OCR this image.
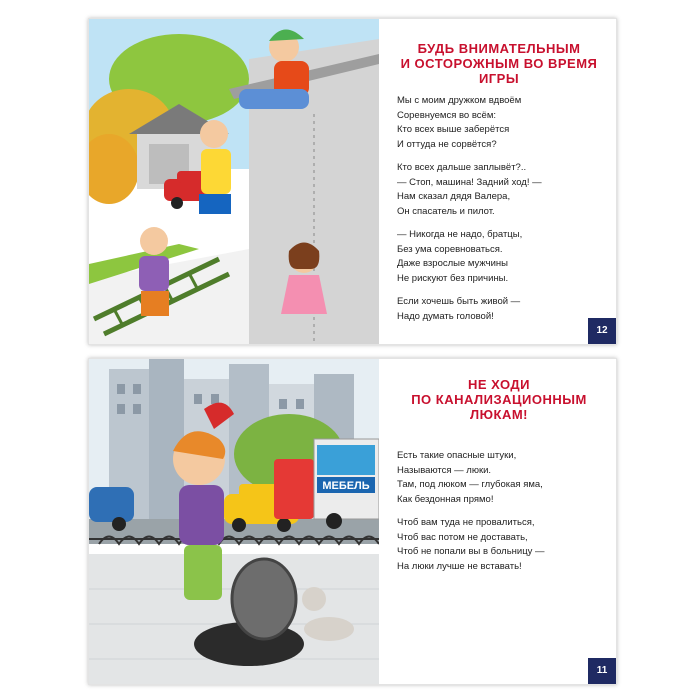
БУДЬ ВНИМАТЕЛЬНЫМ
И ОСТОРОЖНЫМ ВО ВРЕМЯ
ИГРЫ
Мы с моим дружком вдвоём
Соревнуемся во всём:
Кто всех выше заберётся
И оттуда не сорвётся?
Кто всех дальше заплывёт?..
— Стоп, машина! Задний ход! —
Нам сказал дядя Валера,
Он спасатель и пилот.
— Никогда не надо, братцы,
Без ума соревноваться.
Даже взрослые мужчины
Не рискуют без причины.
Если хочешь быть живой —
Надо думать головой!
12
МЕБЕЛЬ
НЕ ХОДИ
ПО КАНАЛИЗАЦИОННЫМ
ЛЮКАМ!
Есть такие опасные штуки,
Называются — люки.
Там, под люком — глубокая яма,
Как бездонная прямо!
Чтоб вам туда не провалиться,
Чтоб вас потом не доставать,
Чтоб не попали вы в больницу —
На люки лучше не вставать!
11
